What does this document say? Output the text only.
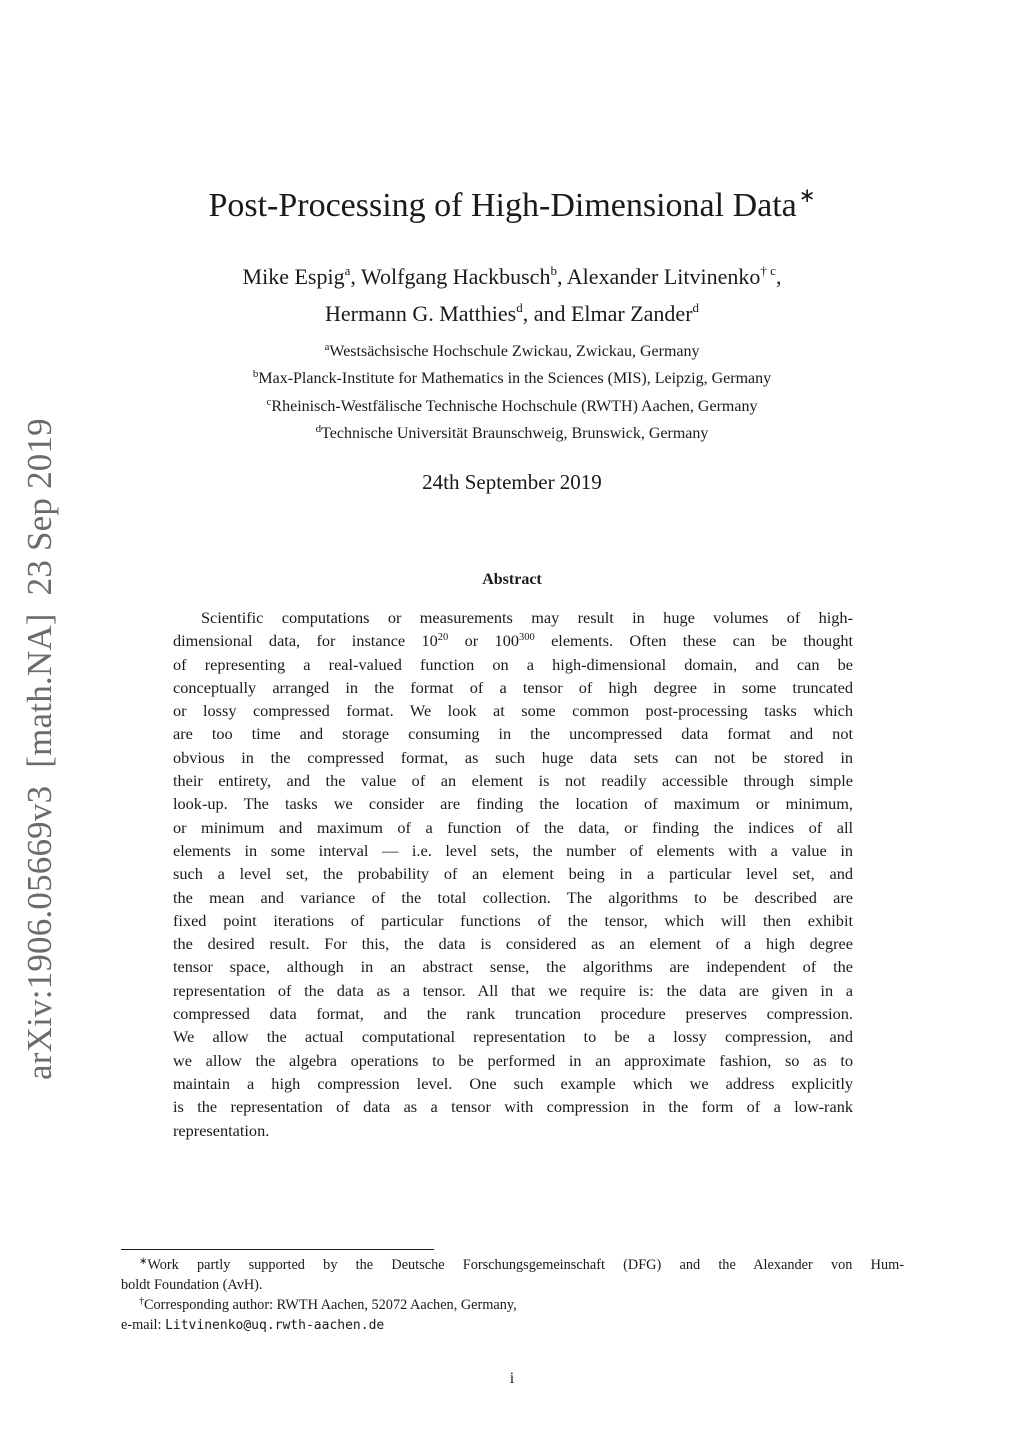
arXiv:1906.05669v3[math.NA]23 Sep 2019
Post-Processing of High-Dimensional Data ∗
Mike Espig$^a$, Wolfgang Hackbusch$^b$, Alexander Litvinenko$^{\dagger c}$,
Hermann G. Matthies$^d$, and Elmar Zander$^d$
$^a$Westsächsische Hochschule Zwickau, Zwickau, Germany
$^b$Max-Planck-Institute for Mathematics in the Sciences (MIS), Leipzig, Germany
$^c$Rheinisch-Westfälische Technische Hochschule (RWTH) Aachen, Germany
$^d$Technische Universität Braunschweig, Brunswick, Germany
24th September 2019
Abstract
Scientific computations or measurements may result in huge volumes of high-
dimensional data, for instance $10^{20}$ or $100^{300}$ elements. Often these can be thought
of representing a real-valued function on a high-dimensional domain, and can be
conceptually arranged in the format of a tensor of high degree in some truncated
or lossy compressed format. We look at some common post-processing tasks which
are too time and storage consuming in the uncompressed data format and not
obvious in the compressed format, as such huge data sets can not be stored in
their entirety, and the value of an element is not readily accessible through simple
look-up. The tasks we consider are finding the location of maximum or minimum,
or minimum and maximum of a function of the data, or finding the indices of all
elements in some interval — i.e. level sets, the number of elements with a value in
such a level set, the probability of an element being in a particular level set, and
the mean and variance of the total collection. The algorithms to be described are
fixed point iterations of particular functions of the tensor, which will then exhibit
the desired result. For this, the data is considered as an element of a high degree
tensor space, although in an abstract sense, the algorithms are independent of the
representation of the data as a tensor. All that we require is: the data are given in a
compressed data format, and the rank truncation procedure preserves compression.
We allow the actual computational representation to be a lossy compression, and
we allow the algebra operations to be performed in an approximate fashion, so as to
maintain a high compression level. One such example which we address explicitly
is the representation of data as a tensor with compression in the form of a low-rank
representation.
∗Work partly supported by the Deutsche Forschungsgemeinschaft (DFG) and the Alexander von Hum-
boldt Foundation (AvH).
†Corresponding author: RWTH Aachen, 52072 Aachen, Germany,
e-mail: Litvinenko@uq.rwth-aachen.de
i
